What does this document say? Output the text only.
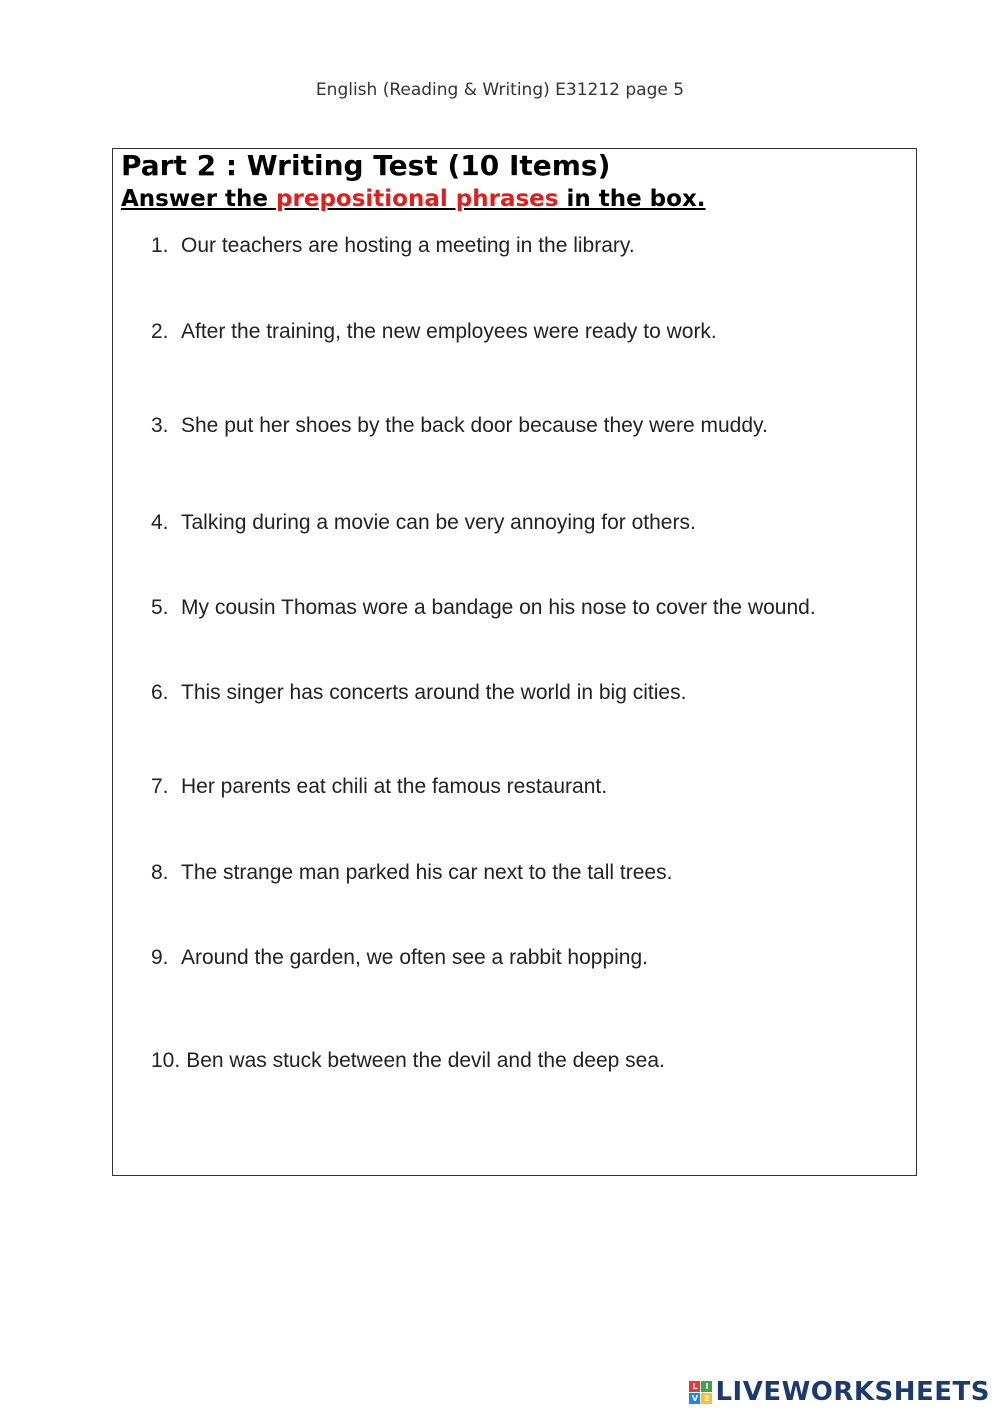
English (Reading & Writing) E31212 page 5
Part 2 : Writing Test (10 Items)
Answer the prepositional phrases in the box.
1. Our teachers are hosting a meeting in the library.
2. After the training, the new employees were ready to work.
3. She put her shoes by the back door because they were muddy.
4. Talking during a movie can be very annoying for others.
5. My cousin Thomas wore a bandage on his nose to cover the wound.
6. This singer has concerts around the world in big cities.
7. Her parents eat chili at the famous restaurant.
8. The strange man parked his car next to the tall trees.
9. Around the garden, we often see a rabbit hopping.
10. Ben was stuck between the devil and the deep sea.
L I
V E LIVEWORKSHEETS
